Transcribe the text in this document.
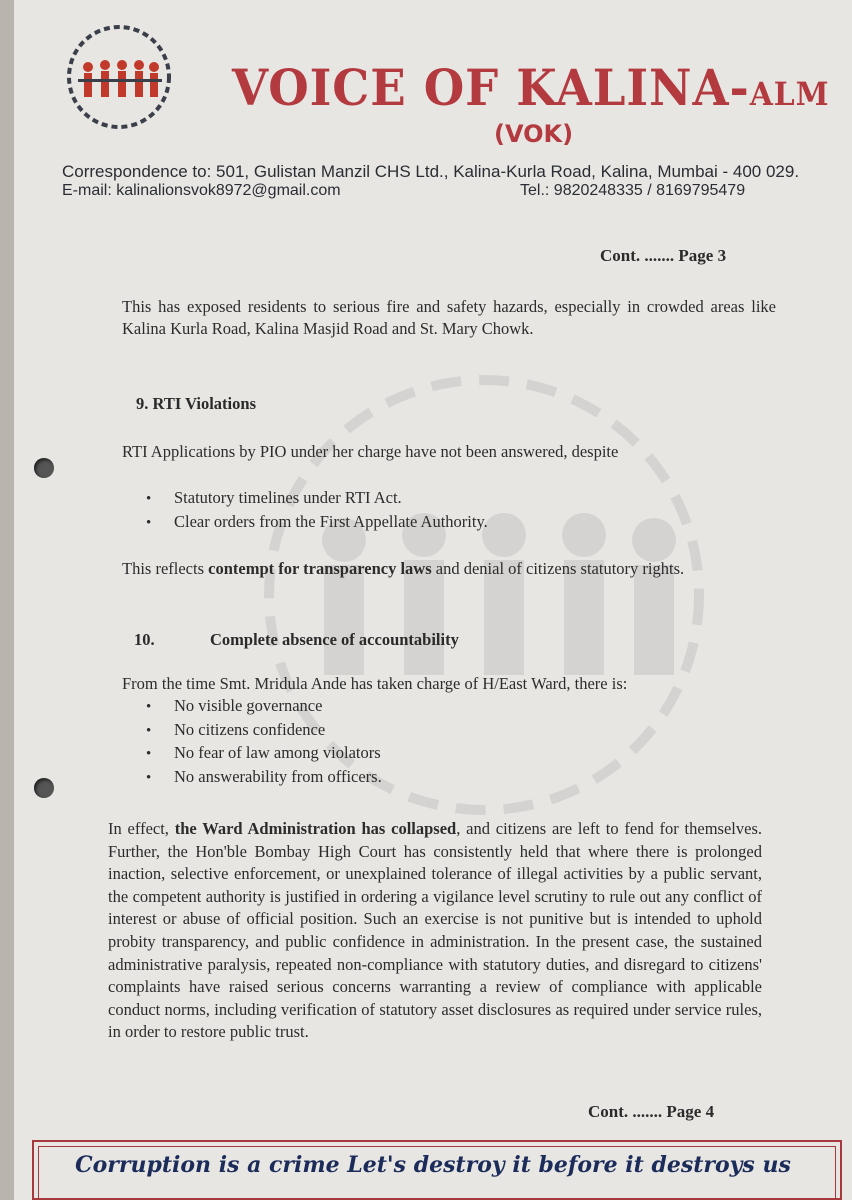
VOICE OF KALINA-ALM
(VOK)
Correspondence to: 501, Gulistan Manzil CHS Ltd., Kalina-Kurla Road, Kalina, Mumbai - 400 029.
E-mail: kalinalionsvok8972@gmail.com	Tel.: 9820248335 / 8169795479
Cont. ....... Page 3
This has exposed residents to serious fire and safety hazards, especially in crowded areas like Kalina Kurla Road, Kalina Masjid Road and St. Mary Chowk.
9. RTI Violations
RTI Applications by PIO under her charge have not been answered, despite
• Statutory timelines under RTI Act.
• Clear orders from the First Appellate Authority.
This reflects contempt for transparency laws and denial of citizens statutory rights.
10.	Complete absence of accountability
From the time Smt. Mridula Ande has taken charge of H/East Ward, there is:
• No visible governance
• No citizens confidence
• No fear of law among violators
• No answerability from officers.
In effect, the Ward Administration has collapsed, and citizens are left to fend for themselves. Further, the Hon'ble Bombay High Court has consistently held that where there is prolonged inaction, selective enforcement, or unexplained tolerance of illegal activities by a public servant, the competent authority is justified in ordering a vigilance level scrutiny to rule out any conflict of interest or abuse of official position. Such an exercise is not punitive but is intended to uphold probity transparency, and public confidence in administration. In the present case, the sustained administrative paralysis, repeated non-compliance with statutory duties, and disregard to citizens' complaints have raised serious concerns warranting a review of compliance with applicable conduct norms, including verification of statutory asset disclosures as required under service rules, in order to restore public trust.
Cont. ....... Page 4
Corruption is a crime Let's destroy it before it destroys us
